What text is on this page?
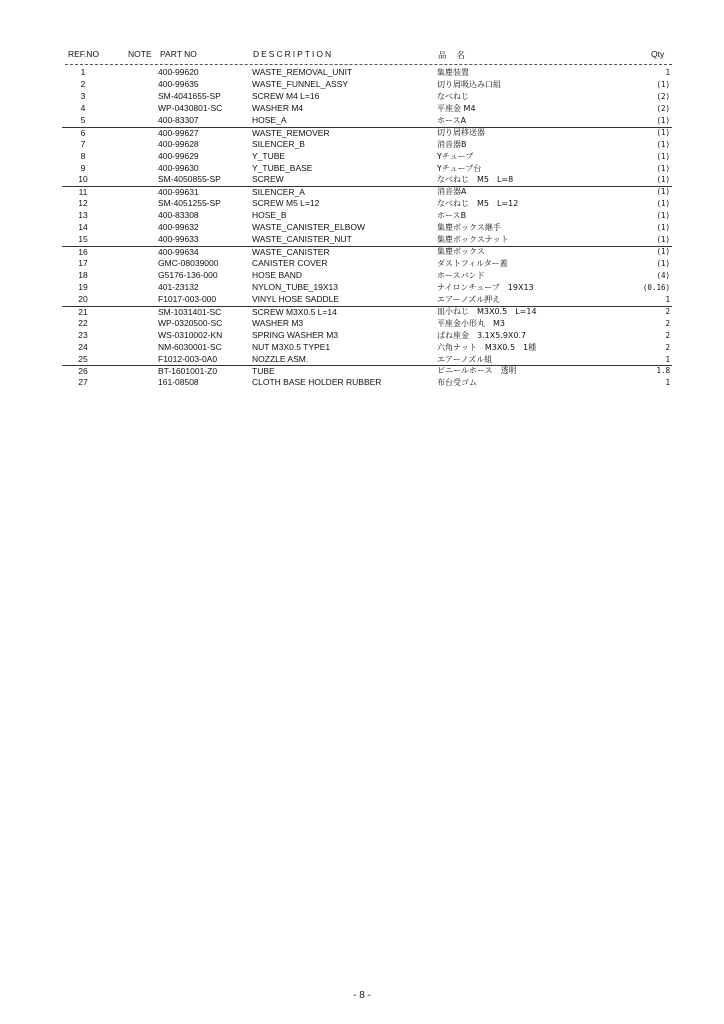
REF.NO	NOTE PART NO	DESCRIPTION	品名	Qty
1	400-99620	WASTE_REMOVAL_UNIT	集塵装置	1
2	400-99635	WASTE_FUNNEL_ASSY	切り屑吸込み口組	(1)
3	SM-4041655-SP	SCREW M4 L=16	なべねじ	(2)
4	WP-0430801-SC	WASHER M4	平座金 M4	(2)
5	400-83307	HOSE_A	ホースA	(1)
6	400-99627	WASTE_REMOVER	切り屑移送器	(1)
7	400-99628	SILENCER_B	消音器B	(1)
8	400-99629	Y_TUBE	Yチューブ	(1)
9	400-99630	Y_TUBE_BASE	Yチューブ台	(1)
10	SM-4050855-SP	SCREW	なべねじ　M5　L=8	(1)
11	400-99631	SILENCER_A	消音器A	(1)
12	SM-4051255-SP	SCREW M5 L=12	なべねじ　M5　L=12	(1)
13	400-83308	HOSE_B	ホースB	(1)
14	400-99632	WASTE_CANISTER_ELBOW	集塵ボックス継手	(1)
15	400-99633	WASTE_CANISTER_NUT	集塵ボックスナット	(1)
16	400-99634	WASTE_CANISTER	集塵ボックス	(1)
17	GMC-08039000	CANISTER COVER	ダストフィルター蓋	(1)
18	G5176-136-000	HOSE BAND	ホースバンド	(4)
19	401-23132	NYLON_TUBE_19X13	ナイロンチューブ　19X13	(0.16)
20	F1017-003-000	VINYL HOSE SADDLE	エアーノズル押え	1
21	SM-1031401-SC	SCREW M3X0.5 L=14	皿小ねじ　M3X0.5　L=14	2
22	WP-0320500-SC	WASHER M3	平座金小形丸　M3	2
23	WS-0310002-KN	SPRING WASHER M3	ばね座金　3.1X5.9X0.7	2
24	NM-6030001-SC	NUT M3X0.5 TYPE1	六角ナット　M3X0.5　1種	2
25	F1012-003-0A0	NOZZLE ASM.	エアーノズル組	1
26	BT-1601001-Z0	TUBE	ビニールホース　透明	1.8
27	161-08508	CLOTH BASE HOLDER RUBBER	布台受ゴム	1
- 8 -
